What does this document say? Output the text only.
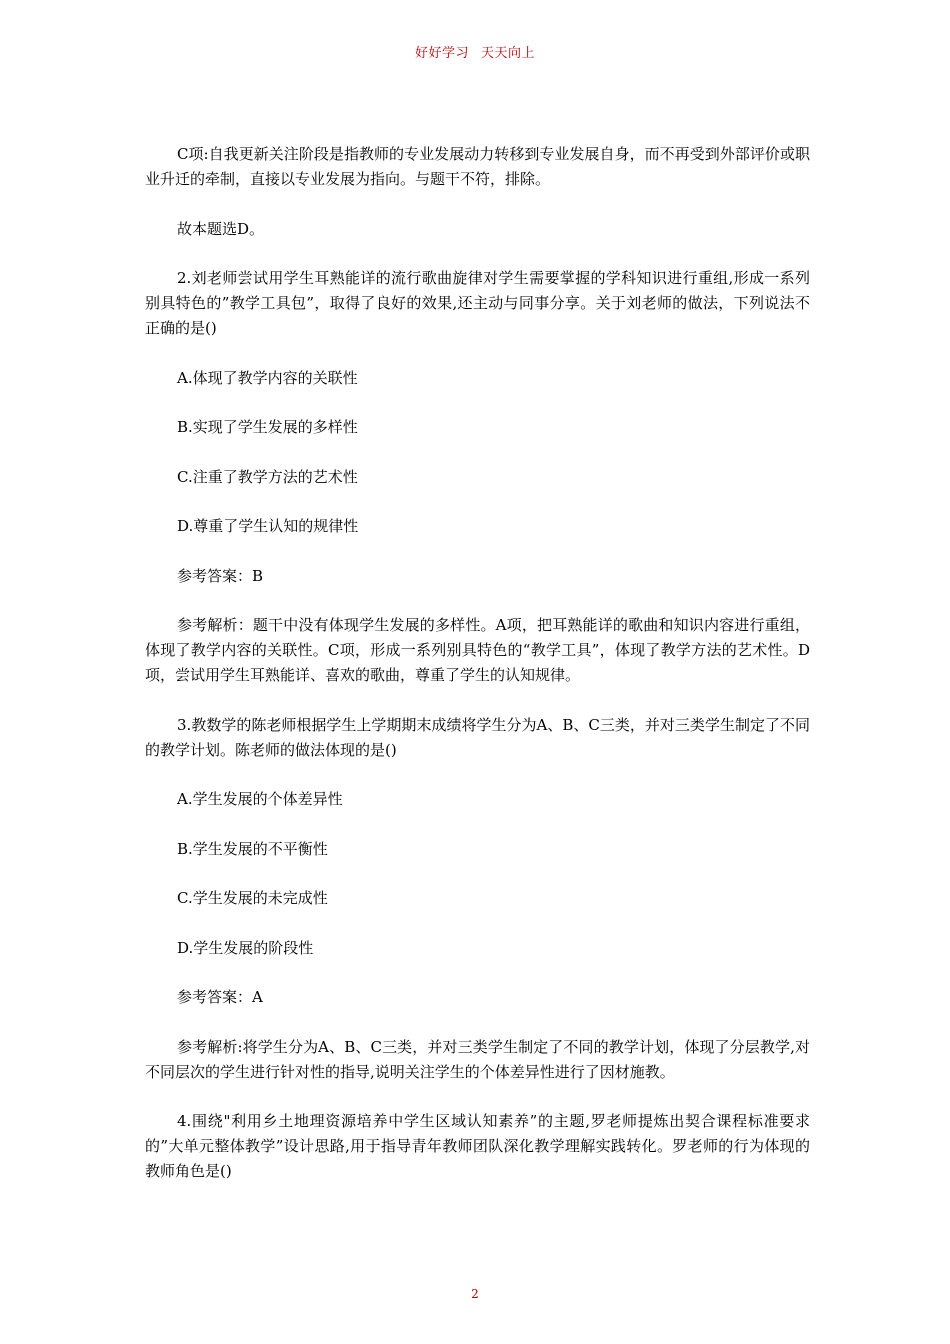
好好学习 天天向上

C项:自我更新关注阶段是指教师的专业发展动力转移到专业发展自身，而不再受到外部评价或职业升迁的牵制，直接以专业发展为指向。与题干不符，排除。

故本题选D。

2.刘老师尝试用学生耳熟能详的流行歌曲旋律对学生需要掌握的学科知识进行重组,形成一系列别具特色的”教学工具包”，取得了良好的效果,还主动与同事分享。关于刘老师的做法，下列说法不正确的是()

A.体现了教学内容的关联性

B.实现了学生发展的多样性

C.注重了教学方法的艺术性

D.尊重了学生认知的规律性

参考答案：B

参考解析：题干中没有体现学生发展的多样性。A项，把耳熟能详的歌曲和知识内容进行重组，体现了教学内容的关联性。C项，形成一系列别具特色的“教学工具”，体现了教学方法的艺术性。D项，尝试用学生耳熟能详、喜欢的歌曲，尊重了学生的认知规律。

3.教数学的陈老师根据学生上学期期末成绩将学生分为A、B、C三类，并对三类学生制定了不同的教学计划。陈老师的做法体现的是()

A.学生发展的个体差异性

B.学生发展的不平衡性

C.学生发展的未完成性

D.学生发展的阶段性

参考答案：A

参考解析:将学生分为A、B、C三类，并对三类学生制定了不同的教学计划，体现了分层教学,对不同层次的学生进行针对性的指导,说明关注学生的个体差异性进行了因材施教。

4.围绕"利用乡土地理资源培养中学生区域认知素养”的主题,罗老师提炼出契合课程标准要求的”大单元整体教学”设计思路,用于指导青年教师团队深化教学理解实践转化。罗老师的行为体现的教师角色是()

2
